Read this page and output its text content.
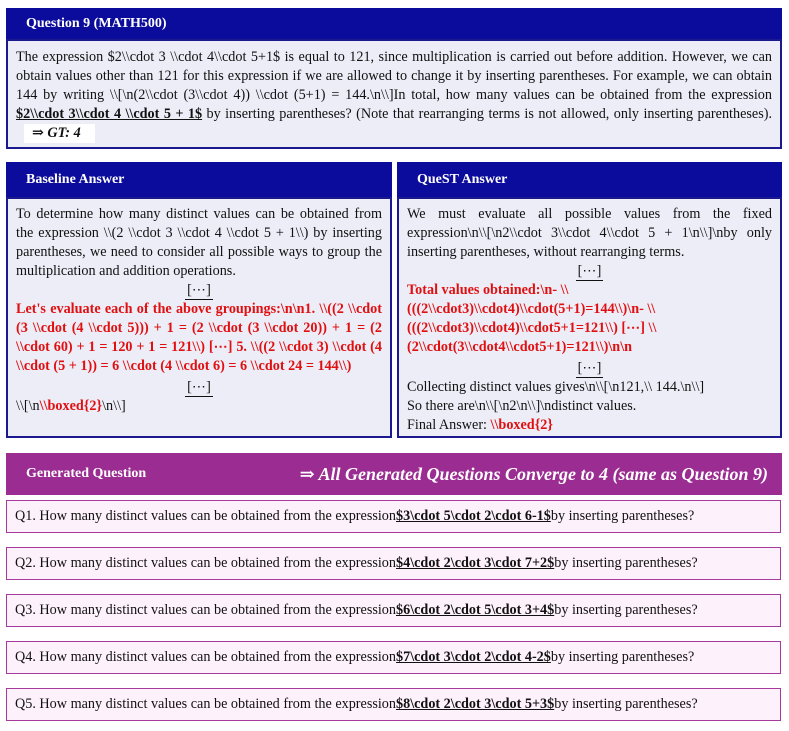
Question 9 (MATH500)
The expression $2\\cdot 3 \\cdot 4\\cdot 5+1$ is equal to 121, since multiplication is carried out before addition. However, we can obtain values other than 121 for this expression if we are allowed to change it by inserting parentheses. For example, we can obtain 144 by writing \\[\n(2\\cdot (3\\cdot 4)) \\cdot (5+1) = 144.\n\\]In total, how many values can be obtained from the expression $2\\cdot 3\\cdot 4 \\cdot 5 + 1$ by inserting parentheses? (Note that rearranging terms is not allowed, only inserting parentheses).⇒ GT: 4
Baseline Answer
To determine how many distinct values can be obtained from the expression \\(2 \\cdot 3 \\cdot 4 \\cdot 5 + 1\\) by inserting parentheses, we need to consider all possible ways to group the multiplication and addition operations.
[⋯]
Let's evaluate each of the above groupings:\n\n1. \\((2 \\cdot (3 \\cdot (4 \\cdot 5))) + 1 = (2 \\cdot (3 \\cdot 20)) + 1 = (2 \\cdot 60) + 1 = 120 + 1 = 121\\) [⋯] 5. \\((2 \\cdot 3) \\cdot (4 \\cdot (5 + 1)) = 6 \\cdot (4 \\cdot 6) = 6 \\cdot 24 = 144\\)
[⋯]
\\[\n\\boxed{2}\n\\]
QueST Answer
We must evaluate all possible values from the fixed expression\n\\[\n2\\cdot 3\\cdot 4\\cdot 5 + 1\n\\]\nby only inserting parentheses, without rearranging terms.
[⋯]
Total values obtained:\n- \\(((2\\cdot3)\\cdot4)\\cdot(5+1)=144\\)\n- \\(((2\\cdot3)\\cdot4)\\cdot5+1=121\\) [⋯] \\(2\\cdot(3\\cdot4\\cdot5+1)=121\\)\n\n
[⋯]
Collecting distinct values gives\n\\[\n121,\\ 144.\n\\]
So there are\n\\[\n2\n\\]\ndistinct values.
Final Answer: \\boxed{2}
Generated Question	⇒ All Generated Questions Converge to 4 (same as Question 9)
Q1. How many distinct values can be obtained from the expression $3\cdot 5\cdot 2\cdot 6-1$ by inserting parentheses?
Q2. How many distinct values can be obtained from the expression $4\cdot 2\cdot 3\cdot 7+2$ by inserting parentheses?
Q3. How many distinct values can be obtained from the expression $6\cdot 2\cdot 5\cdot 3+4$ by inserting parentheses?
Q4. How many distinct values can be obtained from the expression $7\cdot 3\cdot 2\cdot 4-2$ by inserting parentheses?
Q5. How many distinct values can be obtained from the expression $8\cdot 2\cdot 3\cdot 5+3$ by inserting parentheses?
